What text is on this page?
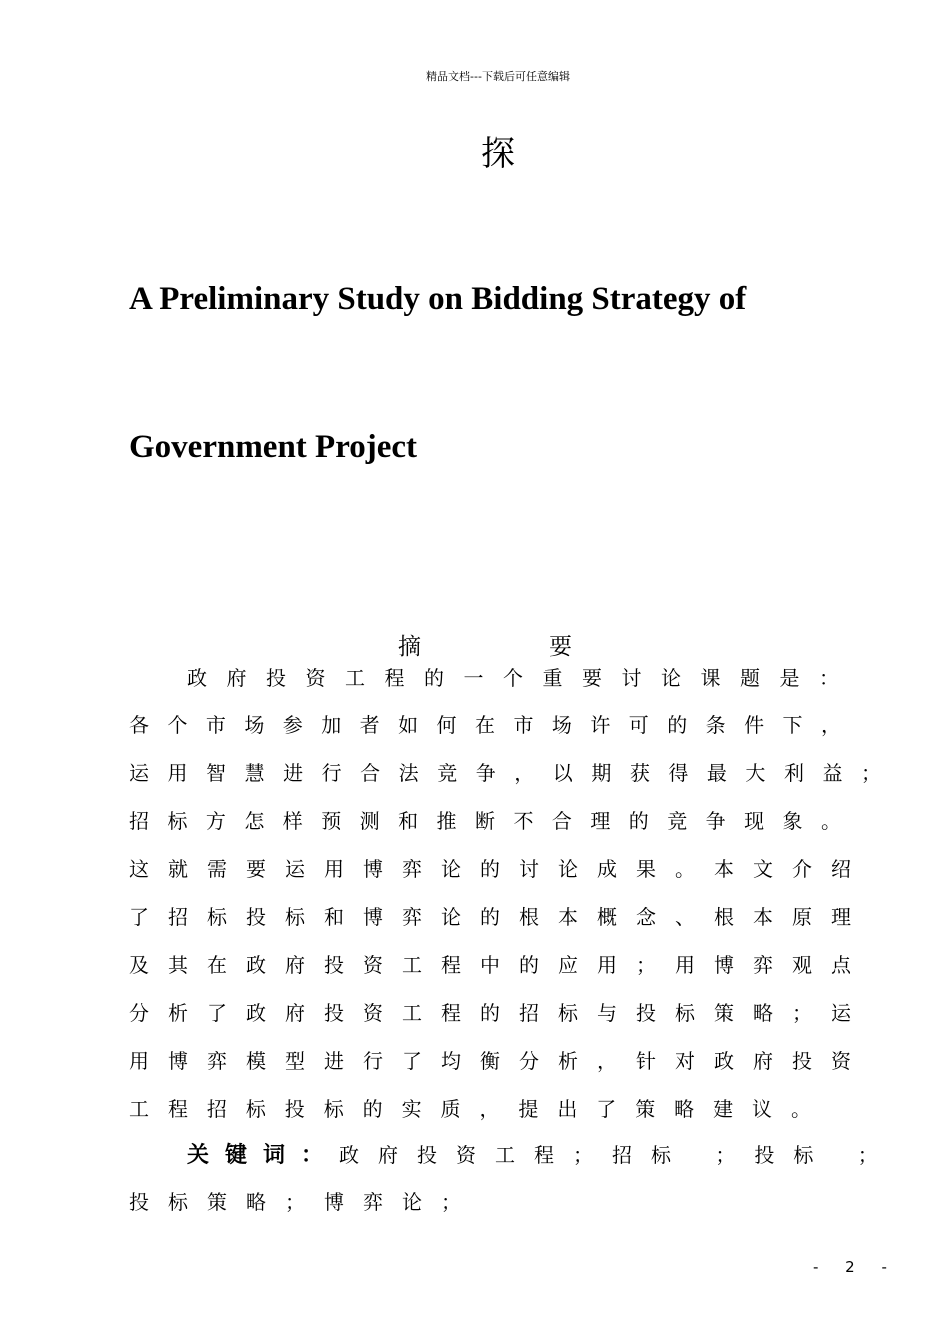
精品文档---下载后可任意编辑
探
A Preliminary Study on Bidding Strategy of
Government Project
摘	要
政府投资工程的一个重要讨论课题是：
各个市场参加者如何在市场许可的条件下，
运用智慧进行合法竞争，以期获得最大利益；
招标方怎样预测和推断不合理的竞争现象。
这就需要运用博弈论的讨论成果。本文介绍
了招标投标和博弈论的根本概念、根本原理
及其在政府投资工程中的应用；用博弈观点
分析了政府投资工程的招标与投标策略；运
用博弈模型进行了均衡分析，针对政府投资
工程招标投标的实质，提出了策略建议。
关键词：政府投资工程；招标 ；投标 ；
投标策略；博弈论；
- 2 -
